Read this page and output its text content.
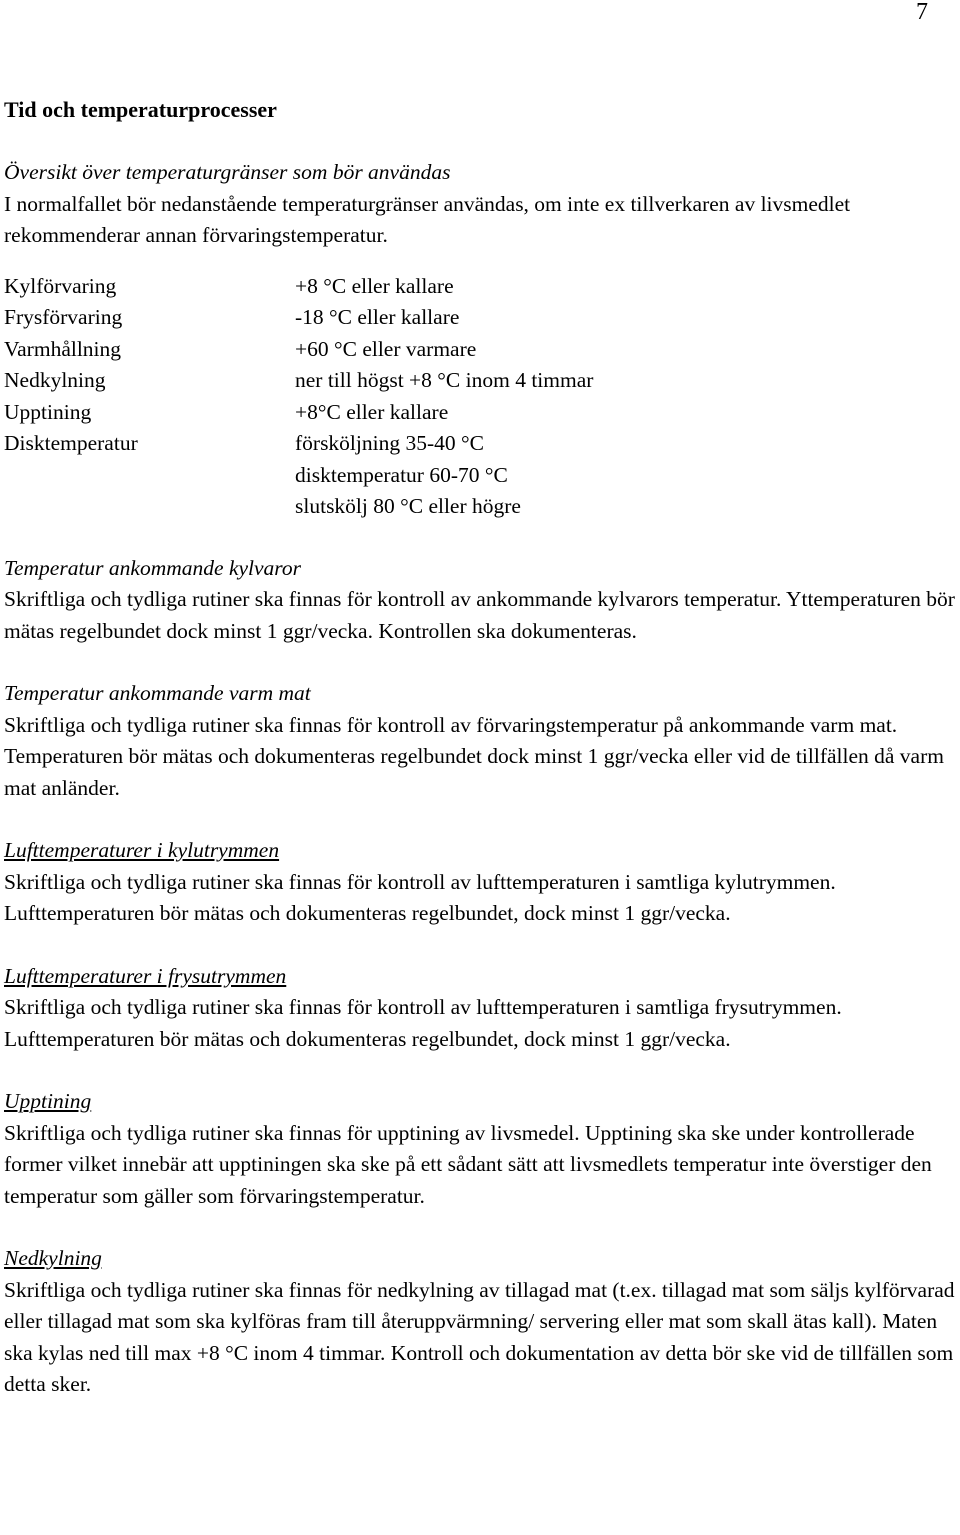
7
Tid och temperaturprocesser

Översikt över temperaturgränser som bör användas

I normalfallet bör nedanstående temperaturgränser användas, om inte ex tillverkaren av livsmedlet rekommenderar annan förvaringstemperatur.

Kylförvaring	+8 °C eller kallare
Frysförvaring	-18 °C eller kallare
Varmhållning	+60 °C eller varmare
Nedkylning	ner till högst +8 °C inom 4 timmar
Upptining	+8°C eller kallare
Disktemperatur	försköljning 35-40 °C
disktemperatur 60-70 °C
slutskölj 80 °C eller högre

Temperatur ankommande kylvaror

Skriftliga och tydliga rutiner ska finnas för kontroll av ankommande kylvarors temperatur. Yttemperaturen bör mätas regelbundet dock minst 1 ggr/vecka. Kontrollen ska dokumenteras.

Temperatur ankommande varm mat

Skriftliga och tydliga rutiner ska finnas för kontroll av förvaringstemperatur på ankommande varm mat. Temperaturen bör mätas och dokumenteras regelbundet dock minst 1 ggr/vecka eller vid de tillfällen då varm mat anländer.

Lufttemperaturer i kylutrymmen

Skriftliga och tydliga rutiner ska finnas för kontroll av lufttemperaturen i samtliga kylutrymmen. Lufttemperaturen bör mätas och dokumenteras regelbundet, dock minst 1 ggr/vecka.

Lufttemperaturer i frysutrymmen

Skriftliga och tydliga rutiner ska finnas för kontroll av lufttemperaturen i samtliga frysutrymmen. Lufttemperaturen bör mätas och dokumenteras regelbundet, dock minst 1 ggr/vecka.

Upptining

Skriftliga och tydliga rutiner ska finnas för upptining av livsmedel. Upptining ska ske under kontrollerade former vilket innebär att upptiningen ska ske på ett sådant sätt att livsmedlets temperatur inte överstiger den temperatur som gäller som förvaringstemperatur.

Nedkylning

Skriftliga och tydliga rutiner ska finnas för nedkylning av tillagad mat (t.ex. tillagad mat som säljs kylförvarad eller tillagad mat som ska kylföras fram till återuppvärmning/ servering eller mat som skall ätas kall). Maten ska kylas ned till max +8 °C inom 4 timmar. Kontroll och dokumentation av detta bör ske vid de tillfällen som detta sker.
